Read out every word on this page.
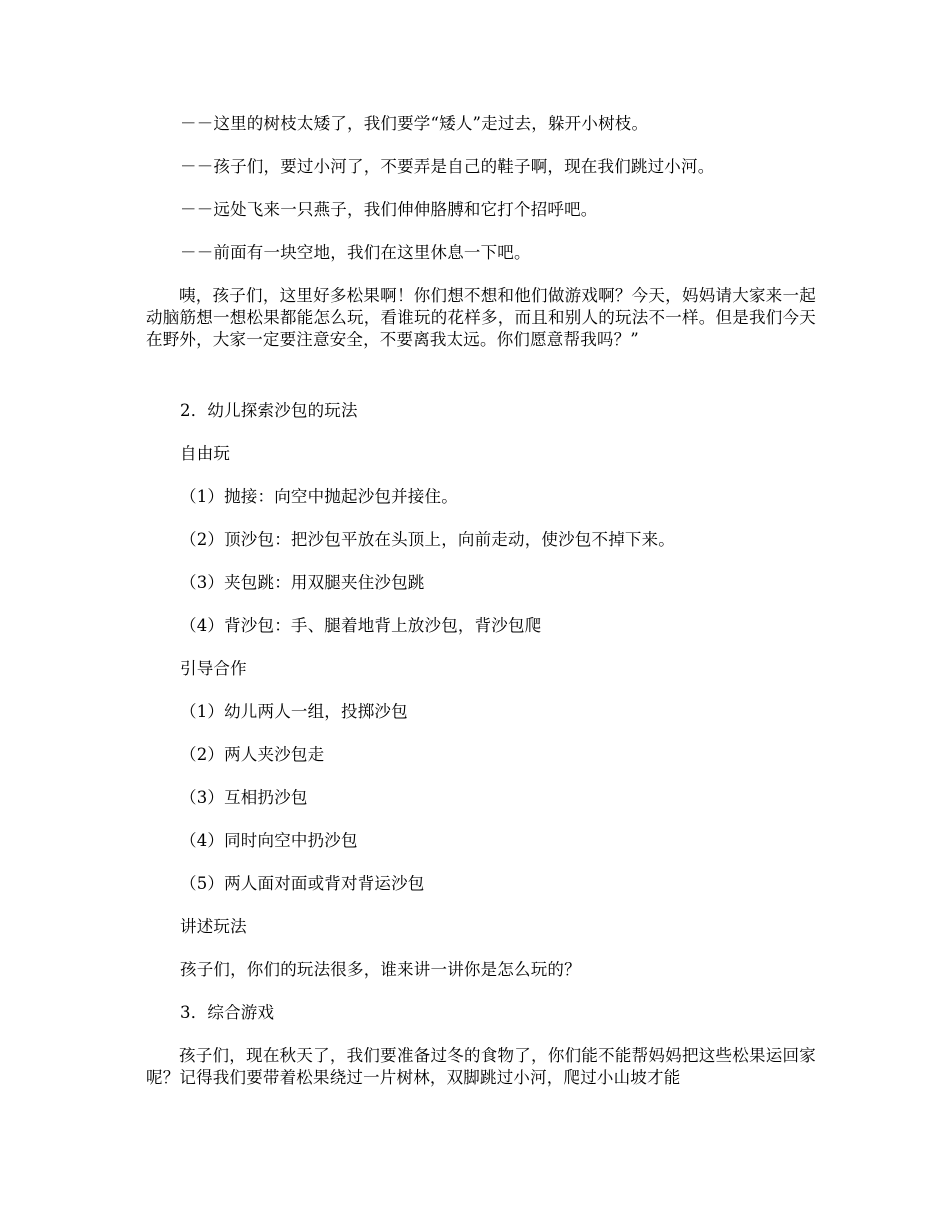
－－这里的树枝太矮了，我们要学“矮人”走过去，躲开小树枝。

－－孩子们，要过小河了，不要弄是自己的鞋子啊，现在我们跳过小河。

－－远处飞来一只燕子，我们伸伸胳膊和它打个招呼吧。

－－前面有一块空地，我们在这里休息一下吧。

咦，孩子们，这里好多松果啊！你们想不想和他们做游戏啊？今天，妈妈请大家来一起动脑筋想一想松果都能怎么玩，看谁玩的花样多，而且和别人的玩法不一样。但是我们今天在野外，大家一定要注意安全，不要离我太远。你们愿意帮我吗？”

2．幼儿探索沙包的玩法

自由玩

（1）抛接：向空中抛起沙包并接住。

（2）顶沙包：把沙包平放在头顶上，向前走动，使沙包不掉下来。

（3）夹包跳：用双腿夹住沙包跳

（4）背沙包：手、腿着地背上放沙包，背沙包爬

引导合作

（1）幼儿两人一组，投掷沙包

（2）两人夹沙包走

（3）互相扔沙包

（4）同时向空中扔沙包

（5）两人面对面或背对背运沙包

讲述玩法

孩子们，你们的玩法很多，谁来讲一讲你是怎么玩的？

3．综合游戏

孩子们，现在秋天了，我们要准备过冬的食物了，你们能不能帮妈妈把这些松果运回家呢？记得我们要带着松果绕过一片树林，双脚跳过小河，爬过小山坡才能
